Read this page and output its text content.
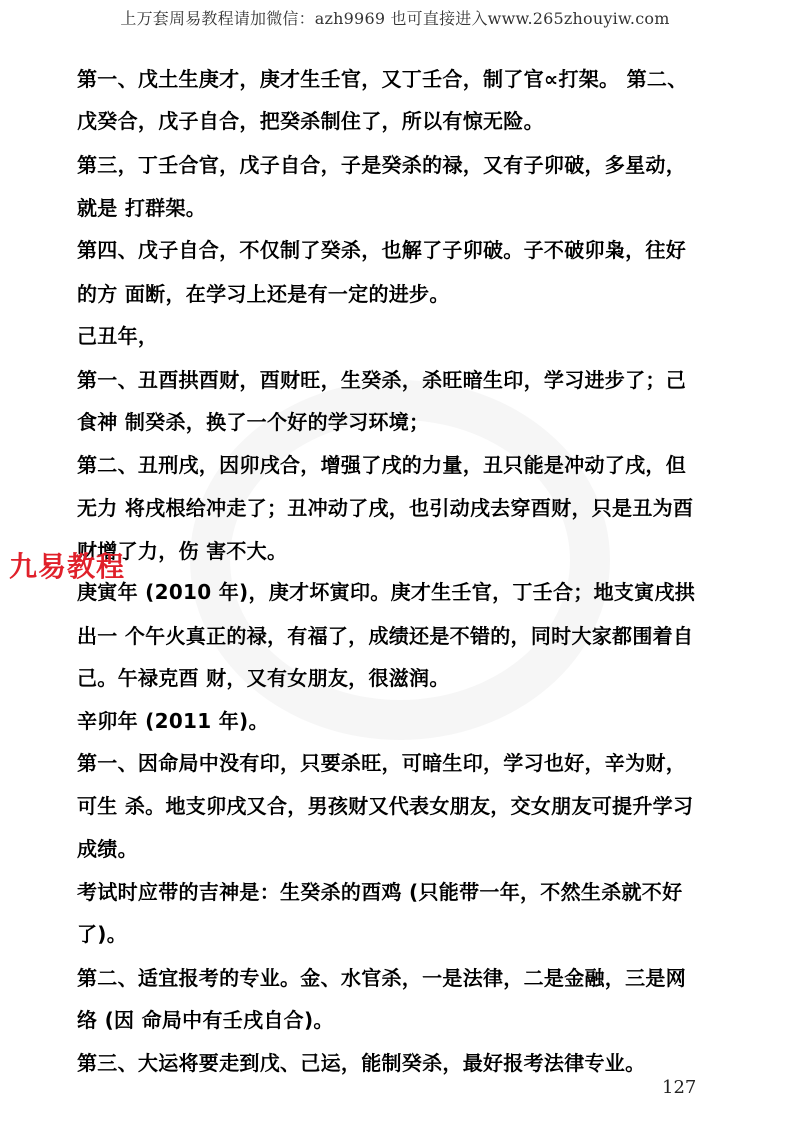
上万套周易教程请加微信：azh9969 也可直接进入www.265zhouyiw.com
第一、戊土生庚才，庚才生壬官，又丁壬合，制了官∝打架。 第二、
戊癸合，戊子自合，把癸杀制住了，所以有惊无险。
第三，丁壬合官，戊子自合，子是癸杀的禄，又有子卯破，多星动，
就是 打群架。
第四、戊子自合，不仅制了癸杀，也解了子卯破。子不破卯枭，往好
的方 面断，在学习上还是有一定的进步。
己丑年，
第一、丑酉拱酉财，酉财旺，生癸杀，杀旺暗生印，学习进步了；己
食神 制癸杀，换了一个好的学习环境；
第二、丑刑戌，因卯戌合，增强了戌的力量，丑只能是冲动了戌，但
无力 将戌根给冲走了；丑冲动了戌，也引动戌去穿酉财，只是丑为酉
财增了力，伤 害不大。
庚寅年 (2010 年)，庚才坏寅印。庚才生壬官，丁壬合；地支寅戌拱
出一 个午火真正的禄，有福了，成绩还是不错的，同时大家都围着自
己。午禄克酉 财，又有女朋友，很滋润。
辛卯年 (2011 年)。
第一、因命局中没有印，只要杀旺，可暗生印，学习也好，辛为财，
可生 杀。地支卯戌又合，男孩财又代表女朋友，交女朋友可提升学习
成绩。
考试时应带的吉神是：生癸杀的酉鸡 (只能带一年，不然生杀就不好
了)。
第二、适宜报考的专业。金、水官杀，一是法律，二是金融，三是网
络 (因 命局中有壬戌自合)。
第三、大运将要走到戊、己运，能制癸杀，最好报考法律专业。
九易教程
127
